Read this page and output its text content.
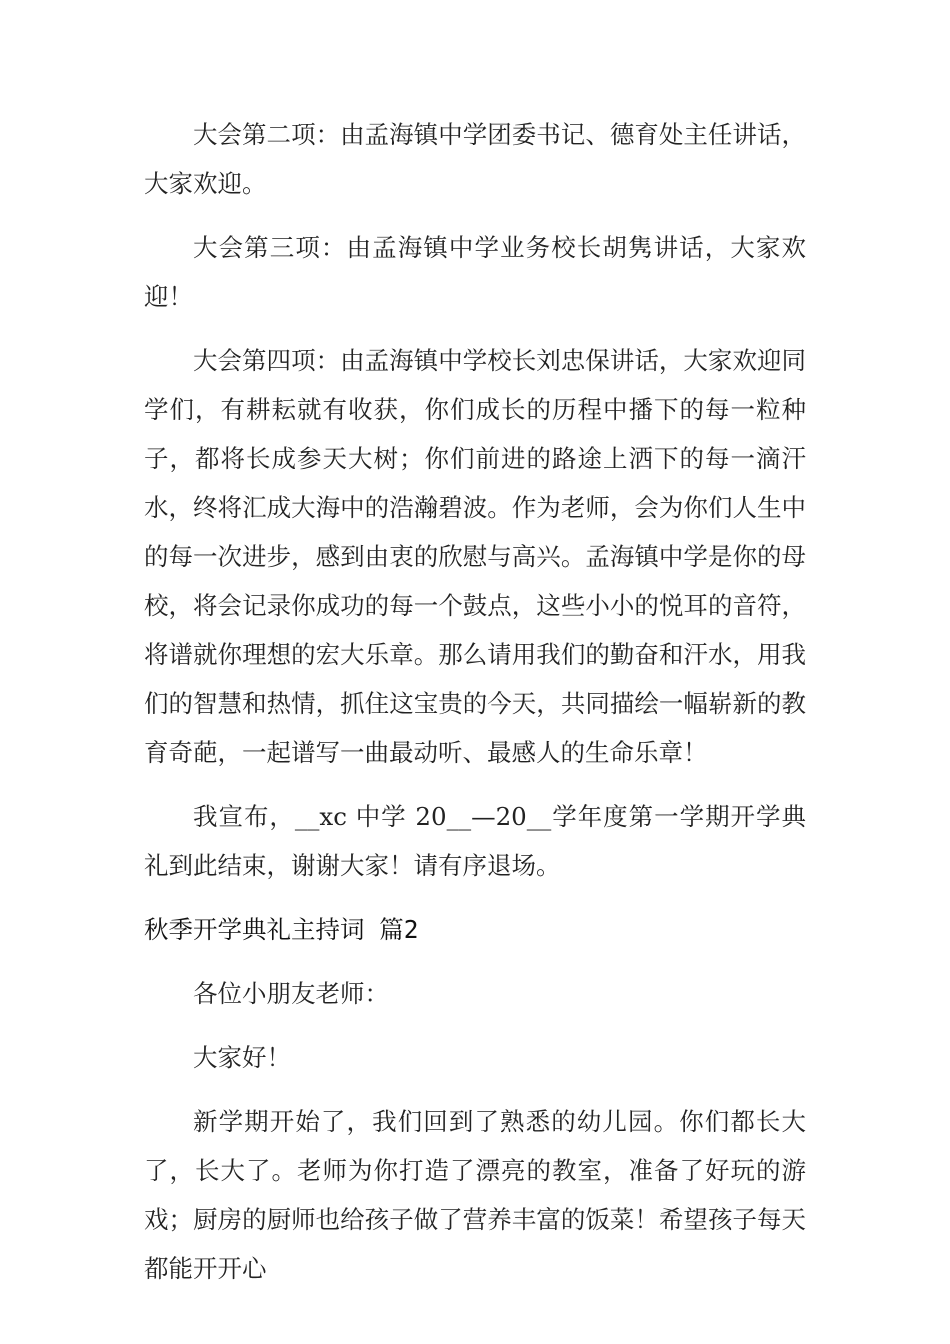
大会第二项：由孟海镇中学团委书记、德育处主任讲话，大家欢迎。

大会第三项：由孟海镇中学业务校长胡隽讲话，大家欢迎！

大会第四项：由孟海镇中学校长刘忠保讲话，大家欢迎同学们，有耕耘就有收获，你们成长的历程中播下的每一粒种子，都将长成参天大树；你们前进的路途上洒下的每一滴汗水，终将汇成大海中的浩瀚碧波。作为老师，会为你们人生中的每一次进步，感到由衷的欣慰与高兴。孟海镇中学是你的母校，将会记录你成功的每一个鼓点，这些小小的悦耳的音符，将谱就你理想的宏大乐章。那么请用我们的勤奋和汗水，用我们的智慧和热情，抓住这宝贵的今天，共同描绘一幅崭新的教育奇葩，一起谱写一曲最动听、最感人的生命乐章！

我宣布，__xc 中学 20__—20__学年度第一学期开学典礼到此结束，谢谢大家！请有序退场。

秋季开学典礼主持词 篇2

各位小朋友老师：

大家好！

新学期开始了，我们回到了熟悉的幼儿园。你们都长大了，长大了。老师为你打造了漂亮的教室，准备了好玩的游戏；厨房的厨师也给孩子做了营养丰富的饭菜！希望孩子每天都能开开心
